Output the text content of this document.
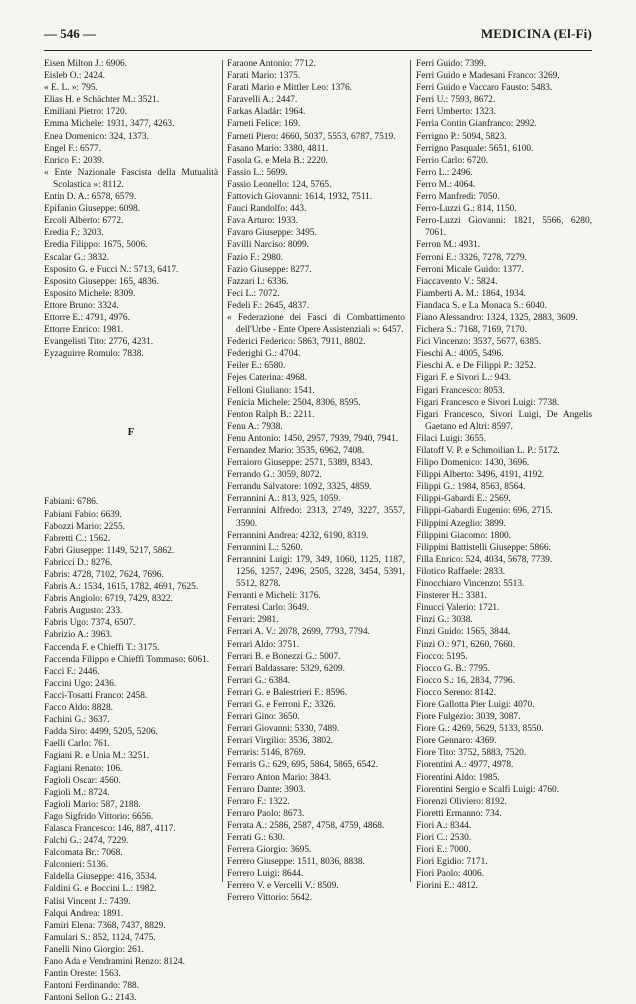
— 546 —	MEDICINA (El-Fi)
Eisen Milton J.: 6906.
Eisleb O.: 2424.
« E. L. »: 795.
Elias H. e Schächter M.: 3521.
Emiliani Pietro: 1720.
Emma Michele: 1931, 3477, 4263.
Enea Domenico: 324, 1373.
Engel F.: 6577.
Enrico F.: 2039.
« Ente Nazionale Fascista della Mutualità Scolastica »: 8112.
Entin D. A.: 6578, 6579.
Epifanio Giuseppe: 6098.
Ercoli Alberto: 6772.
Eredia F.: 3203.
Eredia Filippo: 1675, 5006.
Escalar G.: 3832.
Esposito G. e Fucci N.: 5713, 6417.
Esposito Giuseppe: 165, 4836.
Esposito Michele: 8309.
Ettore Bruno: 3324.
Ettorre E.: 4791, 4976.
Ettorre Enrico: 1981.
Evangelisti Tito: 2776, 4231.
Eyzaguirre Romulo: 7838.
F
Fabiani: 6786.
Fabiani Fabio: 6639.
Fabozzi Mario: 2255.
Fabretti C.: 1562.
Fabri Giuseppe: 1149, 5217, 5862.
Fabricci D.: 8276.
Fabris: 4728, 7102, 7624, 7696.
Fabris A.: 1534, 1615, 1782, 4691, 7625.
Fabris Angiolo: 6719, 7429, 8322.
Fabris Augusto: 233.
Fabris Ugo: 7374, 6507.
Fabrizio A.: 3963.
Faccenda F. e Chieffi T.: 3175.
Faccenda Filippo e Chieffi Tommaso: 6061.
Facci F.: 2446.
Faccini Ugo: 2436.
Facci-Tosatti Franco: 2458.
Facco Aldo: 8828.
Fachini G.: 3637.
Fadda Siro: 4499, 5205, 5206.
Faelli Carlo: 761.
Fagiani R. e Unia M.: 3251.
Fagiani Renato: 106.
Fagioli Oscar: 4560.
Fagioli M.: 8724.
Fagioli Mario: 587, 2188.
Fago Sigfrido Vittorio: 6656.
Falasca Francesco: 146, 887, 4117.
Falchi G.: 2474, 7229.
Falcomata Br.: 7068.
Falconieri: 5136.
Faldella Giuseppe: 416, 3534.
Faldini G. e Boccini L.: 1982.
Falisi Vincent J.: 7439.
Falqui Andrea: 1891.
Famiri Elena: 7368, 7437, 8829.
Famulari S.: 852, 1124, 7475.
Fanelli Nino Giorgio: 261.
Fano Ada e Vendramini Renzo: 8124.
Fantin Oreste: 1563.
Fantoni Ferdinando: 788.
Fantoni Sellon G.: 2143.
Faraone Antonio: 7712.
Farati Mario: 1375.
Farati Mario e Mittler Leo: 1376.
Faravelli A.: 2447.
Farkas Aladár: 1964.
Farneti Felice: 169.
Farneti Piero: 4660, 5037, 5553, 6787, 7519.
Fasano Mario: 3380, 4811.
Fasola G. e Mela B.: 2220.
Fassio L.: 5699.
Fassio Leonello: 124, 5765.
Fattovich Giovanni: 1614, 1932, 7511.
Fauci Randolfo: 443.
Fava Arturo: 1933.
Favaro Giuseppe: 3495.
Favilli Narciso: 8099.
Fazio F.: 2980.
Fazio Giuseppe: 8277.
Fazzari I.: 6336.
Feci L.: 7072.
Fedeli F.: 2645, 4837.
« Federazione dei Fasci di Combattimento dell'Urbe - Ente Opere Assistenziali »: 6457.
Federici Federico: 5863, 7911, 8802.
Federighi G.: 4704.
Feiler E.: 6580.
Fejes Caterina: 4968.
Fellonì Giuliano: 1541.
Fenicia Michele: 2504, 8306, 8595.
Fenton Ralph B.: 2211.
Fenu A.: 7938.
Fenu Antonio: 1450, 2957, 7939, 7940, 7941.
Fernandez Mario: 3535, 6962, 7408.
Ferraioro Giuseppe: 2571, 5389, 8343.
Ferrando G.: 3059, 8072.
Ferrandu Salvatore: 1092, 3325, 4859.
Ferrannini A.: 813, 925, 1059.
Ferrannini Alfredo: 2313, 2749, 3227, 3557, 3590.
Ferrannini Andrea: 4232, 6190, 8319.
Ferrannini L.: 5260.
Ferrannini Luigi: 179, 349, 1060, 1125, 1187, 1256, 1257, 2496, 2505, 3228, 3454, 5391, 5512, 8278.
Ferranti e Micheli: 3176.
Ferratesi Carlo: 3649.
Ferrari: 2981.
Ferrari A. V.: 2078, 2699, 7793, 7794.
Ferrari Aldo: 3751.
Ferrari B. e Bonezzi G.: 5007.
Ferrari Baldassare: 5329, 6209.
Ferrari G.: 6384.
Ferrari G. e Balestrieri F.: 8596.
Ferrari G. e Ferroni F.: 3326.
Ferrari Gino: 3650.
Ferrari Giovanni: 5330, 7489.
Ferrari Virgilio: 3536, 3802.
Ferraris: 5146, 8769.
Ferraris G.: 629, 695, 5864, 5865, 6542.
Ferraro Anton Mario: 3843.
Ferraro Dante: 3903.
Ferraro F.: 1322.
Ferraro Paolo: 8673.
Ferrata A.: 2586, 2587, 4758, 4759, 4868.
Ferrati G.: 630.
Ferrera Giorgio: 3695.
Ferrero Giuseppe: 1511, 8036, 8838.
Ferrero Luigi: 8644.
Ferrero V. e Vercelli V.: 8509.
Ferrero Vittorio: 5642.
Ferri Guido: 7399.
Ferri Guido e Madesani Franco: 3269.
Ferri Guido e Vaccaro Fausto: 5483.
Ferri U.: 7593, 8672.
Ferri Umberto: 1323.
Ferria Contin Gianfranco: 2992.
Ferrigno P.: 5094, 5823.
Ferrigno Pasquale: 5651, 6100.
Ferrio Carlo: 6720.
Ferro L.: 2496.
Ferro M.: 4064.
Ferro Manfredi: 7050.
Ferro-Luzzi G.: 814, 1150.
Ferro-Luzzi Giovanni: 1821, 5566, 6280, 7061.
Ferron M.: 4931.
Ferroni E.: 3326, 7278, 7279.
Ferroni Micale Guido: 1377.
Fiaccavento V.: 5824.
Fiamberti A. M.: 1864, 1934.
Fiandaca S. e La Monaca S.: 6040.
Fiano Alessandro: 1324, 1325, 2883, 3609.
Fichera S.: 7168, 7169, 7170.
Fici Vincenzo: 3537, 5677, 6385.
Fieschi A.: 4005, 5496.
Fieschi A. e De Filippi P.: 3252.
Figari F. e Sivori L.: 943.
Figari Francesco: 8053.
Figari Francesco e Sivori Luigi: 7738.
Figari Francesco, Sivori Luigi, De Angelis Gaetano ed Altri: 8597.
Filaci Luigi: 3655.
Filatoff V. P. e Schmoilian L. P.: 5172.
Filipo Domenico: 1430, 3696.
Filippi Alberto: 3496, 4191, 4192.
Filippi G.: 1984, 8563, 8564.
Filippi-Gabardi E.: 2569.
Filippi-Gabardi Eugenio: 696, 2715.
Filippini Azeglio: 3899.
Filippini Giacomo: 1800.
Filippini Battistelli Giuseppe: 5866.
Filla Enrico: 524, 4034, 5678, 7739.
Filotico Raffaele: 2833.
Finocchiaro Vincenzo: 5513.
Finsterer H.: 3381.
Finucci Valerio: 1721.
Finzi G.: 3038.
Finzi Guido: 1565, 3844.
Finzi O.: 971, 6260, 7660.
Fiocco: 5195.
Fiocco G. B.: 7795.
Fiocco S.: 16, 2834, 7796.
Fiocco Sereno: 8142.
Fiore Gallotta Pier Luigi: 4070.
Fiore Fulgezio: 3039, 3087.
Fiore G.: 4269, 5629, 5133, 8550.
Fiore Gennaro: 4369.
Fiore Tito: 3752, 5883, 7520.
Fiorentini A.: 4977, 4978.
Fiorentini Aldo: 1985.
Fiorentini Sergio e Scalfi Luigi: 4760.
Fiorenzi Oliviero: 8192.
Fioretti Ermanno: 734.
Fiori A.: 8344.
Fiori C.: 2530.
Fiori E.: 7000.
Fiori Egidio: 7171.
Fiori Paolo: 4006.
Fiorini E.: 4812.
